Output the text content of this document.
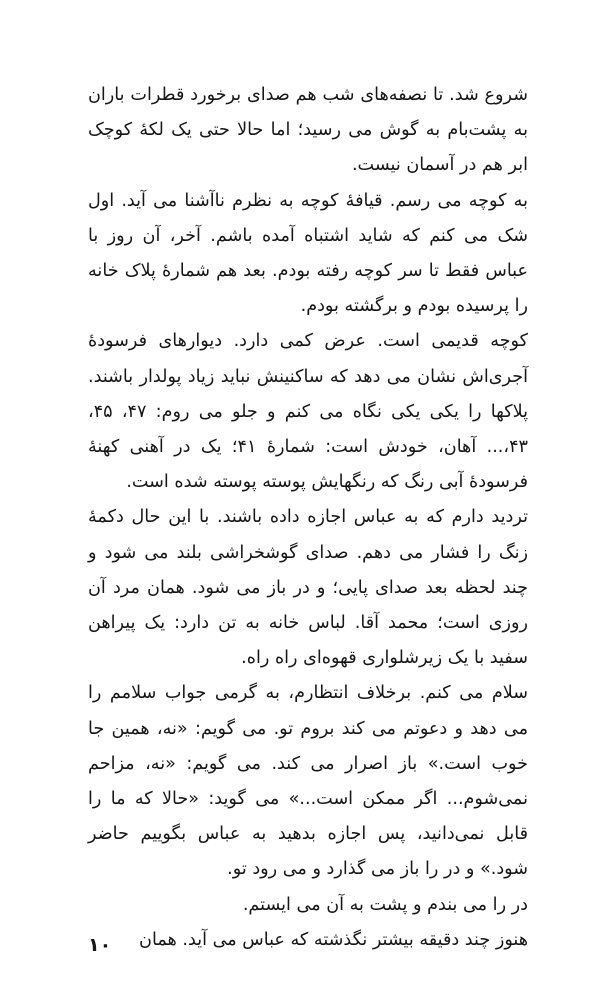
شروع شد. تا نصفه‌های شب هم صدای برخورد قطرات باران به پشت‌بام به گوش می رسید؛ اما حالا حتی یک لکهٔ کوچک ابر هم در آسمان نیست.

به کوچه می رسم. قیافهٔ کوچه به نظرم ناآشنا می آید. اول شک می کنم که شاید اشتباه آمده باشم. آخر، آن روز با عباس فقط تا سر کوچه رفته بودم. بعد هم شمارهٔ پلاک خانه را پرسیده بودم و برگشته بودم.

کوچه قدیمی است. عرض کمی دارد. دیوارهای فرسودهٔ آجری‌اش نشان می دهد که ساکنینش نباید زیاد پولدار باشند. پلاکها را یکی یکی نگاه می کنم و جلو می روم: ۴۷، ۴۵، ۴۳،... آهان، خودش است: شمارهٔ ۴۱؛ یک در آهنی کهنهٔ فرسودهٔ آبی رنگ که رنگهایش پوسته پوسته شده است.

تردید دارم که به عباس اجازه داده باشند. با این حال دکمهٔ زنگ را فشار می دهم. صدای گوشخراشی بلند می شود و چند لحظه بعد صدای پایی؛ و در باز می شود. همان مرد آن روزی است؛ محمد آقا. لباس خانه به تن دارد: یک پیراهن سفید با یک زیرشلواری قهوه‌ای راه راه.

سلام می کنم. برخلاف انتظارم، به گرمی جواب سلامم را می دهد و دعوتم می کند بروم تو. می گویم: «نه، همین جا خوب است.» باز اصرار می کند. می گویم: «نه، مزاحم نمی‌شوم... اگر ممکن است...» می گوید: «حالا که ما را قابل نمی‌دانید، پس اجازه بدهید به عباس بگوییم حاضر شود.» و در را باز می گذارد و می رود تو.

در را می بندم و پشت به آن می ایستم.

هنوز چند دقیقه بیشتر نگذشته که عباس می آید. همان

۱۰
